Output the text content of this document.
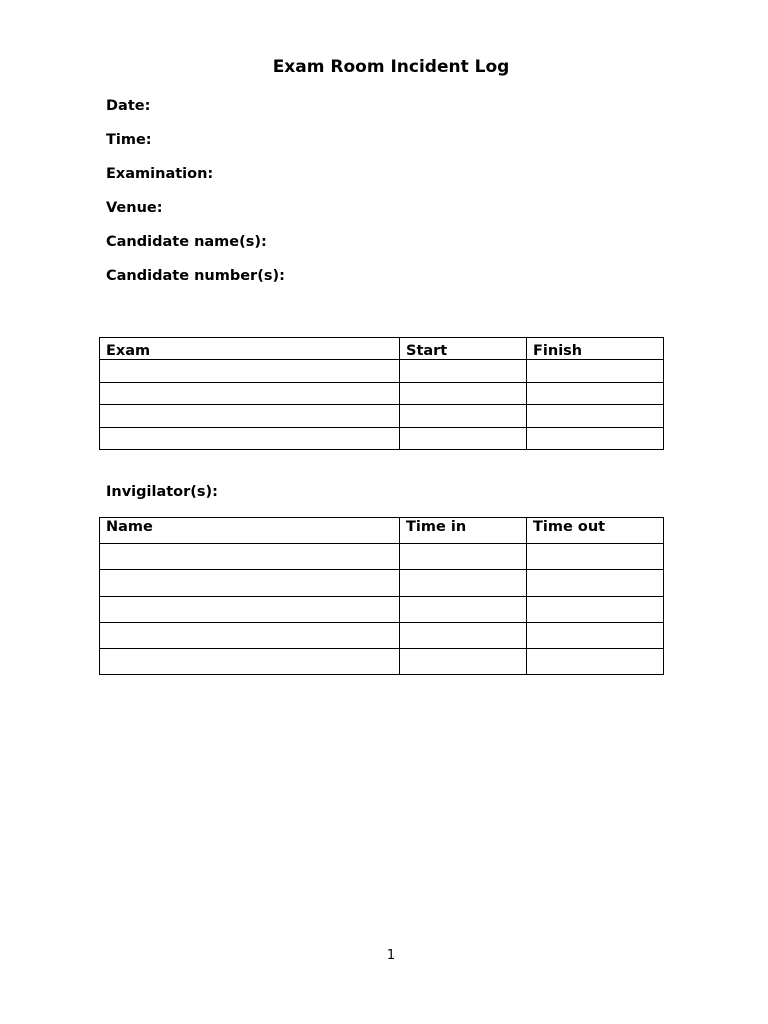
Exam Room Incident Log
Date:
Time:
Examination:
Venue:
Candidate name(s):
Candidate number(s):
Exam	Start	Finish

Invigilator(s):
Name	Time in	Time out

1
